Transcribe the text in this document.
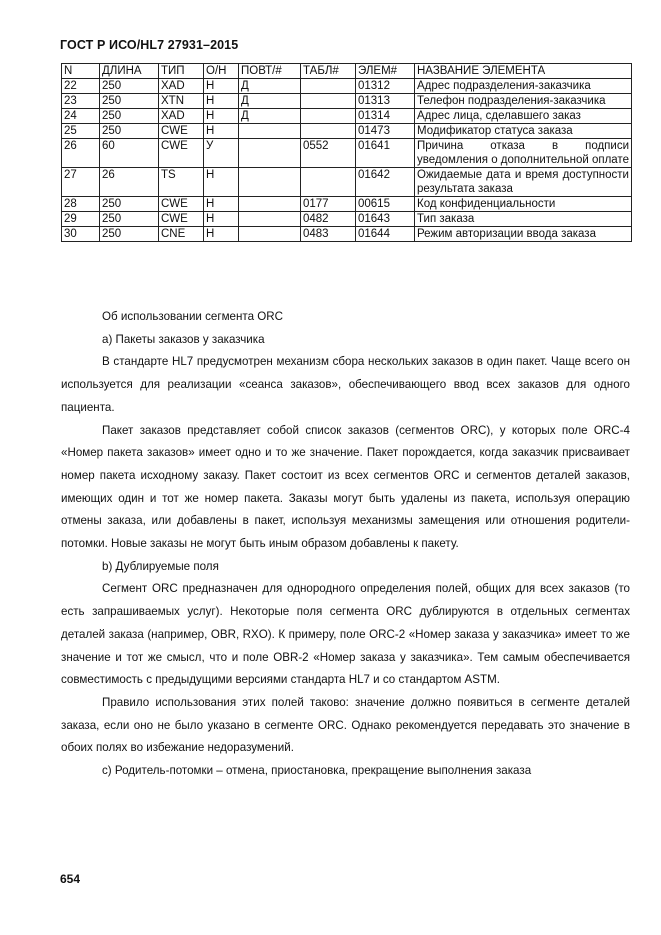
ГОСТ Р ИСО/HL7 27931–2015
N	ДЛИНА	ТИП	О/Н	ПОВТ/#	ТАБЛ#	ЭЛЕМ#	НАЗВАНИЕ ЭЛЕМЕНТА
22	250	XAD	Н	Д		01312	Адрес подразделения-заказчика
23	250	XTN	Н	Д		01313	Телефон подразделения-заказчика
24	250	XAD	Н	Д		01314	Адрес лица, сделавшего заказ
25	250	CWE	Н			01473	Модификатор статуса заказа
26	60	CWE	У		0552	01641	Причина отказа в подписи уведомления о дополнительной оплате
27	26	TS	Н			01642	Ожидаемые дата и время доступности результата заказа
28	250	CWE	Н		0177	00615	Код конфиденциальности
29	250	CWE	Н		0482	01643	Тип заказа
30	250	CNE	Н		0483	01644	Режим авторизации ввода заказа

Об использовании сегмента ORC

а) Пакеты заказов у заказчика

В стандарте HL7 предусмотрен механизм сбора нескольких заказов в один пакет. Чаще всего он используется для реализации «сеанса заказов», обеспечивающего ввод всех заказов для одного пациента.

Пакет заказов представляет собой список заказов (сегментов ORC), у которых поле ORC-4 «Номер пакета заказов» имеет одно и то же значение. Пакет порождается, когда заказчик присваивает номер пакета исходному заказу. Пакет состоит из всех сегментов ORC и сегментов деталей заказов, имеющих один и тот же номер пакета. Заказы могут быть удалены из пакета, используя операцию отмены заказа, или добавлены в пакет, используя механизмы замещения или отношения родители-потомки. Новые заказы не могут быть иным образом добавлены к пакету.

b) Дублируемые поля

Сегмент ORC предназначен для однородного определения полей, общих для всех заказов (то есть запрашиваемых услуг). Некоторые поля сегмента ORC дублируются в отдельных сегментах деталей заказа (например, OBR, RXO). К примеру, поле ORC-2 «Номер заказа у заказчика» имеет то же значение и тот же смысл, что и поле OBR-2 «Номер заказа у заказчика». Тем самым обеспечивается совместимость с предыдущими версиями стандарта HL7 и со стандартом ASTM.

Правило использования этих полей таково: значение должно появиться в сегменте деталей заказа, если оно не было указано в сегменте ORC. Однако рекомендуется передавать это значение в обоих полях во избежание недоразумений.

с) Родитель-потомки – отмена, приостановка, прекращение выполнения заказа

654
